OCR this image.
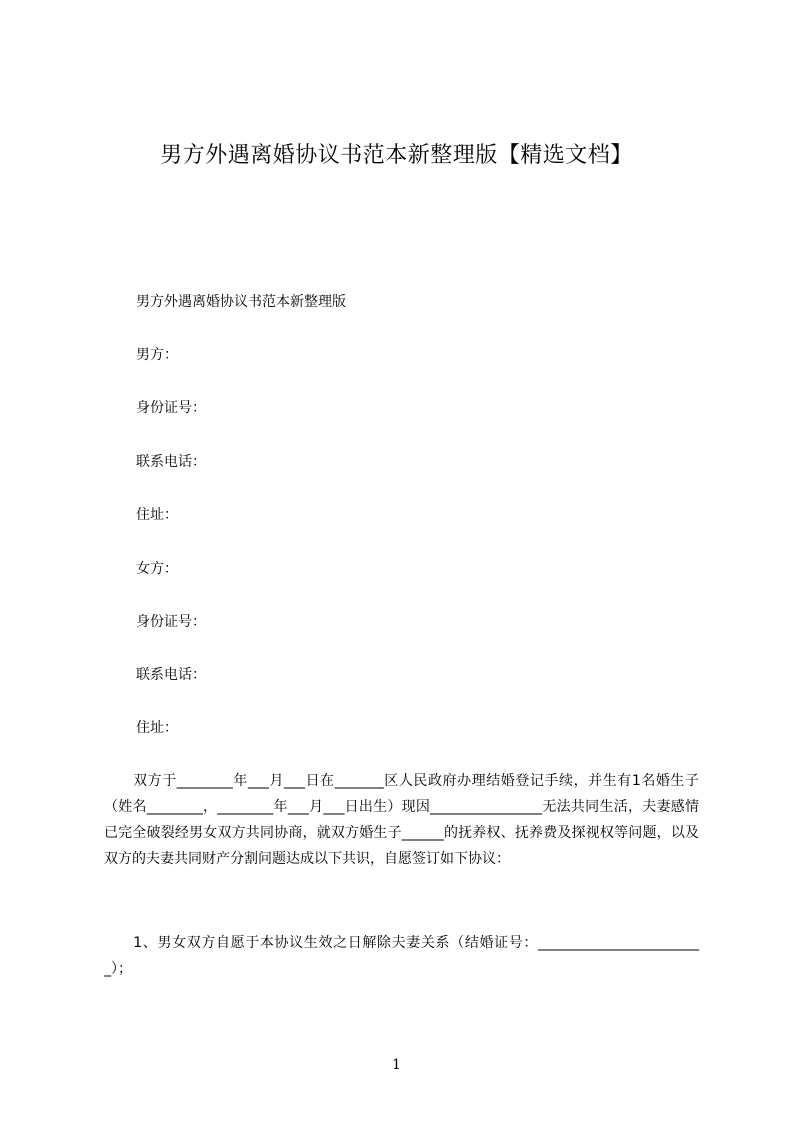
男方外遇离婚协议书范本新整理版【精选文档】
男方外遇离婚协议书范本新整理版
男方：
身份证号：
联系电话：
住址：
女方：
身份证号：
联系电话：
住址：

　　双方于________年___月___日在_______区人民政府办理结婚登记手续，并生有1名婚生子（姓名________，________年___月___日出生）现因________________无法共同生活，夫妻感情已完全破裂经男女双方共同协商，就双方婚生子______的抚养权、抚养费及探视权等问题，以及双方的夫妻共同财产分割问题达成以下共识，自愿签订如下协议：

　　1、男女双方自愿于本协议生效之日解除夫妻关系（结婚证号：________________________）；

1
